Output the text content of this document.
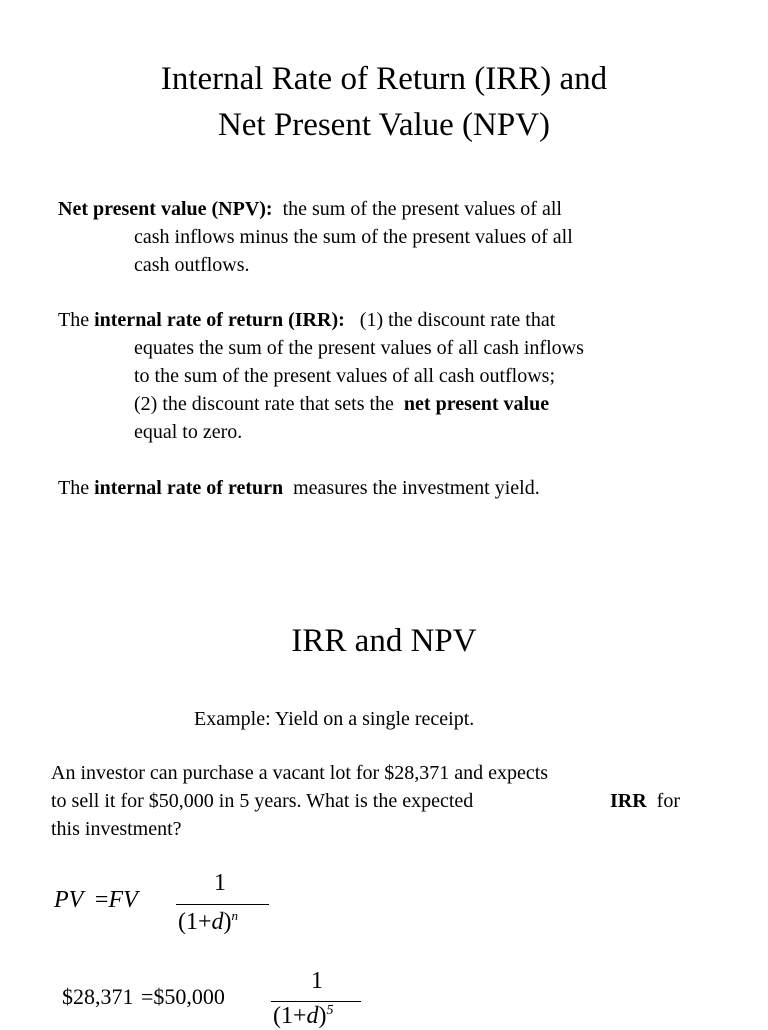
Internal Rate of Return (IRR) and
Net Present Value (NPV)
Net present value (NPV): the sum of the present values of all
cash inflows minus the sum of the present values of all
cash outflows.
The internal rate of return (IRR): (1) the discount rate that
equates the sum of the present values of all cash inflows
to the sum of the present values of all cash outflows;
(2) the discount rate that sets the net present value
equal to zero.
The internal rate of return measures the investment yield.
IRR and NPV
Example: Yield on a single receipt.
An investor can purchase a vacant lot for $28,371 and expects
to sell it for $50,000 in 5 years. What is the expected	IRR for
this investment?
PV =FV
1
$(1+d)^n$
$28,371 =$50,000
1
$(1+d)^5$
